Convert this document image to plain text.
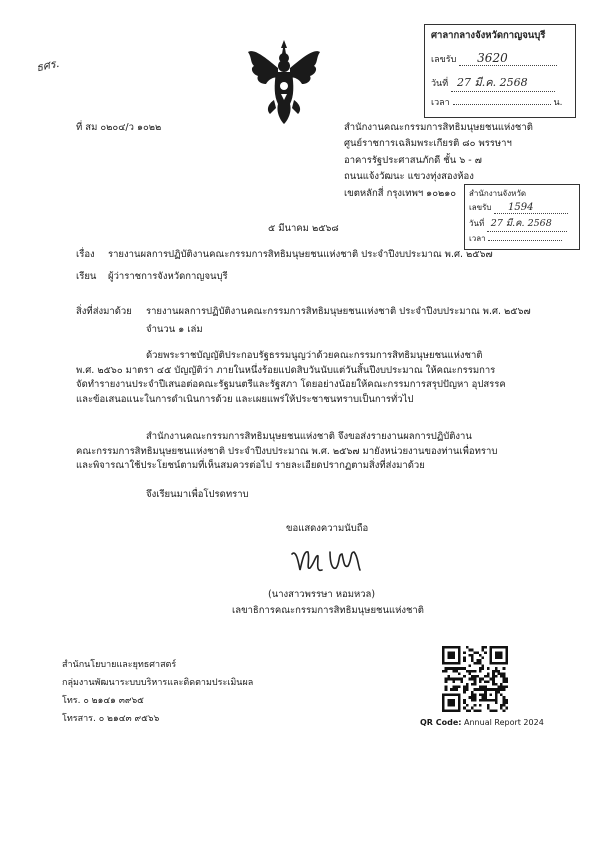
ธศร.
ศาลากลางจังหวัดกาญจนบุรี
เลขรับ 3620
วันที่ 27 มี.ค. 2568
เวลา	น.
สำนักงานจังหวัด
เลขรับ 1594
วันที่ 27 มี.ค. 2568
เวลา
ที่ สม ๐๒๐๔/ว ๑๐๒๒	สำนักงานคณะกรรมการสิทธิมนุษยชนแห่งชาติ
ศูนย์ราชการเฉลิมพระเกียรติ ๘๐ พรรษาฯ
อาคารรัฐประศาสนภักดี ชั้น ๖ - ๗
ถนนแจ้งวัฒนะ แขวงทุ่งสองห้อง
เขตหลักสี่ กรุงเทพฯ ๑๐๒๑๐
๕ มีนาคม ๒๕๖๘
เรื่อง รายงานผลการปฏิบัติงานคณะกรรมการสิทธิมนุษยชนแห่งชาติ ประจำปีงบประมาณ พ.ศ. ๒๕๖๗
เรียน ผู้ว่าราชการจังหวัดกาญจนบุรี
สิ่งที่ส่งมาด้วย รายงานผลการปฏิบัติงานคณะกรรมการสิทธิมนุษยชนแห่งชาติ ประจำปีงบประมาณ พ.ศ. ๒๕๖๗
จำนวน ๑ เล่ม
ด้วยพระราชบัญญัติประกอบรัฐธรรมนูญว่าด้วยคณะกรรมการสิทธิมนุษยชนแห่งชาติ
พ.ศ. ๒๕๖๐ มาตรา ๔๕ บัญญัติว่า ภายในหนึ่งร้อยแปดสิบวันนับแต่วันสิ้นปีงบประมาณ ให้คณะกรรมการ
จัดทำรายงานประจำปีเสนอต่อคณะรัฐมนตรีและรัฐสภา โดยอย่างน้อยให้คณะกรรมการสรุปปัญหา อุปสรรค
และข้อเสนอแนะในการดำเนินการด้วย และเผยแพร่ให้ประชาชนทราบเป็นการทั่วไป
สำนักงานคณะกรรมการสิทธิมนุษยชนแห่งชาติ จึงขอส่งรายงานผลการปฏิบัติงาน
คณะกรรมการสิทธิมนุษยชนแห่งชาติ ประจำปีงบประมาณ พ.ศ. ๒๕๖๗ มายังหน่วยงานของท่านเพื่อทราบ
และพิจารณาใช้ประโยชน์ตามที่เห็นสมควรต่อไป รายละเอียดปรากฏตามสิ่งที่ส่งมาด้วย
จึงเรียนมาเพื่อโปรดทราบ
ขอแสดงความนับถือ
(นางสาวพรรษา หอมหวล)
เลขาธิการคณะกรรมการสิทธิมนุษยชนแห่งชาติ
สำนักนโยบายและยุทธศาสตร์
กลุ่มงานพัฒนาระบบบริหารและติดตามประเมินผล
โทร. ๐ ๒๑๔๑ ๓๙๖๕
โทรสาร. ๐ ๒๑๔๓ ๙๕๖๖	QR Code: Annual Report 2024
